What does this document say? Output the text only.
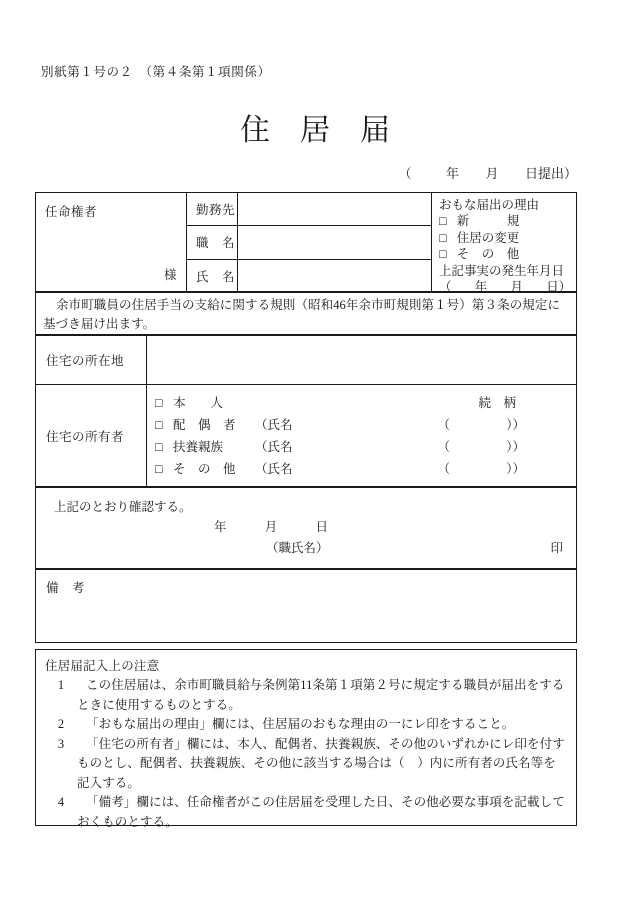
別紙第１号の２　（第４条第１項関係）
住居届
（	年 月 日提出）
任命権者
様
勤務先
職　名
氏　名
おもな届出の理由
□ 新　　　規
□ 住居の変更
□ そ　の　他
上記事実の発生年月日
（ 年 月 日）
余市町職員の住居手当の支給に関する規則（昭和46年余市町規則第１号）第３条の規定に基づき届け出ます。
住宅の所在地
住宅の所有者
□ 本　　人	続　柄
□ 配　偶　者	（氏名	（	））
□ 扶養親族	（氏名	（	））
□ そ　の　他	（氏名	（	））
上記のとおり確認する。
年	月	日
（職氏名）	印
備　考
住居届記入上の注意
1	この住居届は、余市町職員給与条例第11条第１項第２号に規定する職員が届出をするときに使用するものとする。
2	「おもな届出の理由」欄には、住居届のおもな理由の一にレ印をすること。
3	「住宅の所有者」欄には、本人、配偶者、扶養親族、その他のいずれかにレ印を付すものとし、配偶者、扶養親族、その他に該当する場合は（　）内に所有者の氏名等を記入する。
4	「備考」欄には、任命権者がこの住居届を受理した日、その他必要な事項を記載しておくものとする。
